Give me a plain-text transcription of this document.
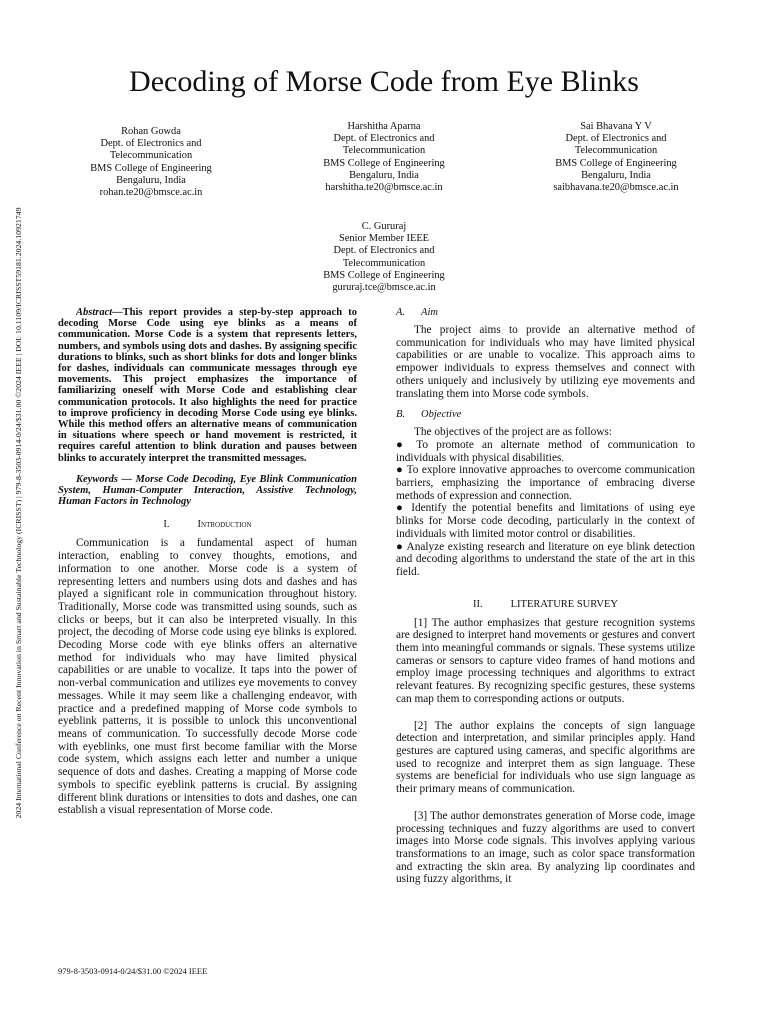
2024 International Conference on Recent Innovation in Smart and Sustainable Technology (ICRISST) | 979-8-3503-0914-0/24/$31.00 ©2024 IEEE | DOI: 10.1109/ICRISST59181.2024.10921749
Decoding of Morse Code from Eye Blinks
Rohan Gowda
Dept. of Electronics and
Telecommunication
BMS College of Engineering
Bengaluru, India
rohan.te20@bmsce.ac.in
Harshitha Aparna
Dept. of Electronics and
Telecommunication
BMS College of Engineering
Bengaluru, India
harshitha.te20@bmsce.ac.in
Sai Bhavana Y V
Dept. of Electronics and
Telecommunication
BMS College of Engineering
Bengaluru, India
saibhavana.te20@bmsce.ac.in
C. Gururaj
Senior Member IEEE
Dept. of Electronics and
Telecommunication
BMS College of Engineering
gururaj.tce@bmsce.ac.in

Abstract—This report provides a step-by-step approach to decoding Morse Code using eye blinks as a means of communication. Morse Code is a system that represents letters, numbers, and symbols using dots and dashes. By assigning specific durations to blinks, such as short blinks for dots and longer blinks for dashes, individuals can communicate messages through eye movements. This project emphasizes the importance of familiarizing oneself with Morse Code and establishing clear communication protocols. It also highlights the need for practice to improve proficiency in decoding Morse Code using eye blinks. While this method offers an alternative means of communication in situations where speech or hand movement is restricted, it requires careful attention to blink duration and pauses between blinks to accurately interpret the transmitted messages.

Keywords — Morse Code Decoding, Eye Blink Communication System, Human-Computer Interaction, Assistive Technology, Human Factors in Technology

I.	Introduction

Communication is a fundamental aspect of human interaction, enabling to convey thoughts, emotions, and information to one another. Morse code is a system of representing letters and numbers using dots and dashes and has played a significant role in communication throughout history. Traditionally, Morse code was transmitted using sounds, such as clicks or beeps, but it can also be interpreted visually. In this project, the decoding of Morse code using eye blinks is explored. Decoding Morse code with eye blinks offers an alternative method for individuals who may have limited physical capabilities or are unable to vocalize. It taps into the power of non-verbal communication and utilizes eye movements to convey messages. While it may seem like a challenging endeavor, with practice and a predefined mapping of Morse code symbols to eyeblink patterns, it is possible to unlock this unconventional means of communication. To successfully decode Morse code with eyeblinks, one must first become familiar with the Morse code system, which assigns each letter and number a unique sequence of dots and dashes. Creating a mapping of Morse code symbols to specific eyeblink patterns is crucial. By assigning different blink durations or intensities to dots and dashes, one can establish a visual representation of Morse code.

A. Aim

The project aims to provide an alternative method of communication for individuals who may have limited physical capabilities or are unable to vocalize. This approach aims to empower individuals to express themselves and connect with others uniquely and inclusively by utilizing eye movements and translating them into Morse code symbols.

B. Objective

The objectives of the project are as follows:

● To promote an alternate method of communication to individuals with physical disabilities.

● To explore innovative approaches to overcome communication barriers, emphasizing the importance of embracing diverse methods of expression and connection.

● Identify the potential benefits and limitations of using eye blinks for Morse code decoding, particularly in the context of individuals with limited motor control or disabilities.

● Analyze existing research and literature on eye blink detection and decoding algorithms to understand the state of the art in this field.

II.	LITERATURE SURVEY

[1] The author emphasizes that gesture recognition systems are designed to interpret hand movements or gestures and convert them into meaningful commands or signals. These systems utilize cameras or sensors to capture video frames of hand motions and employ image processing techniques and algorithms to extract relevant features. By recognizing specific gestures, these systems can map them to corresponding actions or outputs.

[2] The author explains the concepts of sign language detection and interpretation, and similar principles apply. Hand gestures are captured using cameras, and specific algorithms are used to recognize and interpret them as sign language. These systems are beneficial for individuals who use sign language as their primary means of communication.

[3] The author demonstrates generation of Morse code, image processing techniques and fuzzy algorithms are used to convert images into Morse code signals. This involves applying various transformations to an image, such as color space transformation and extracting the skin area. By analyzing lip coordinates and using fuzzy algorithms, it

979-8-3503-0914-0/24/$31.00 ©2024 IEEE
